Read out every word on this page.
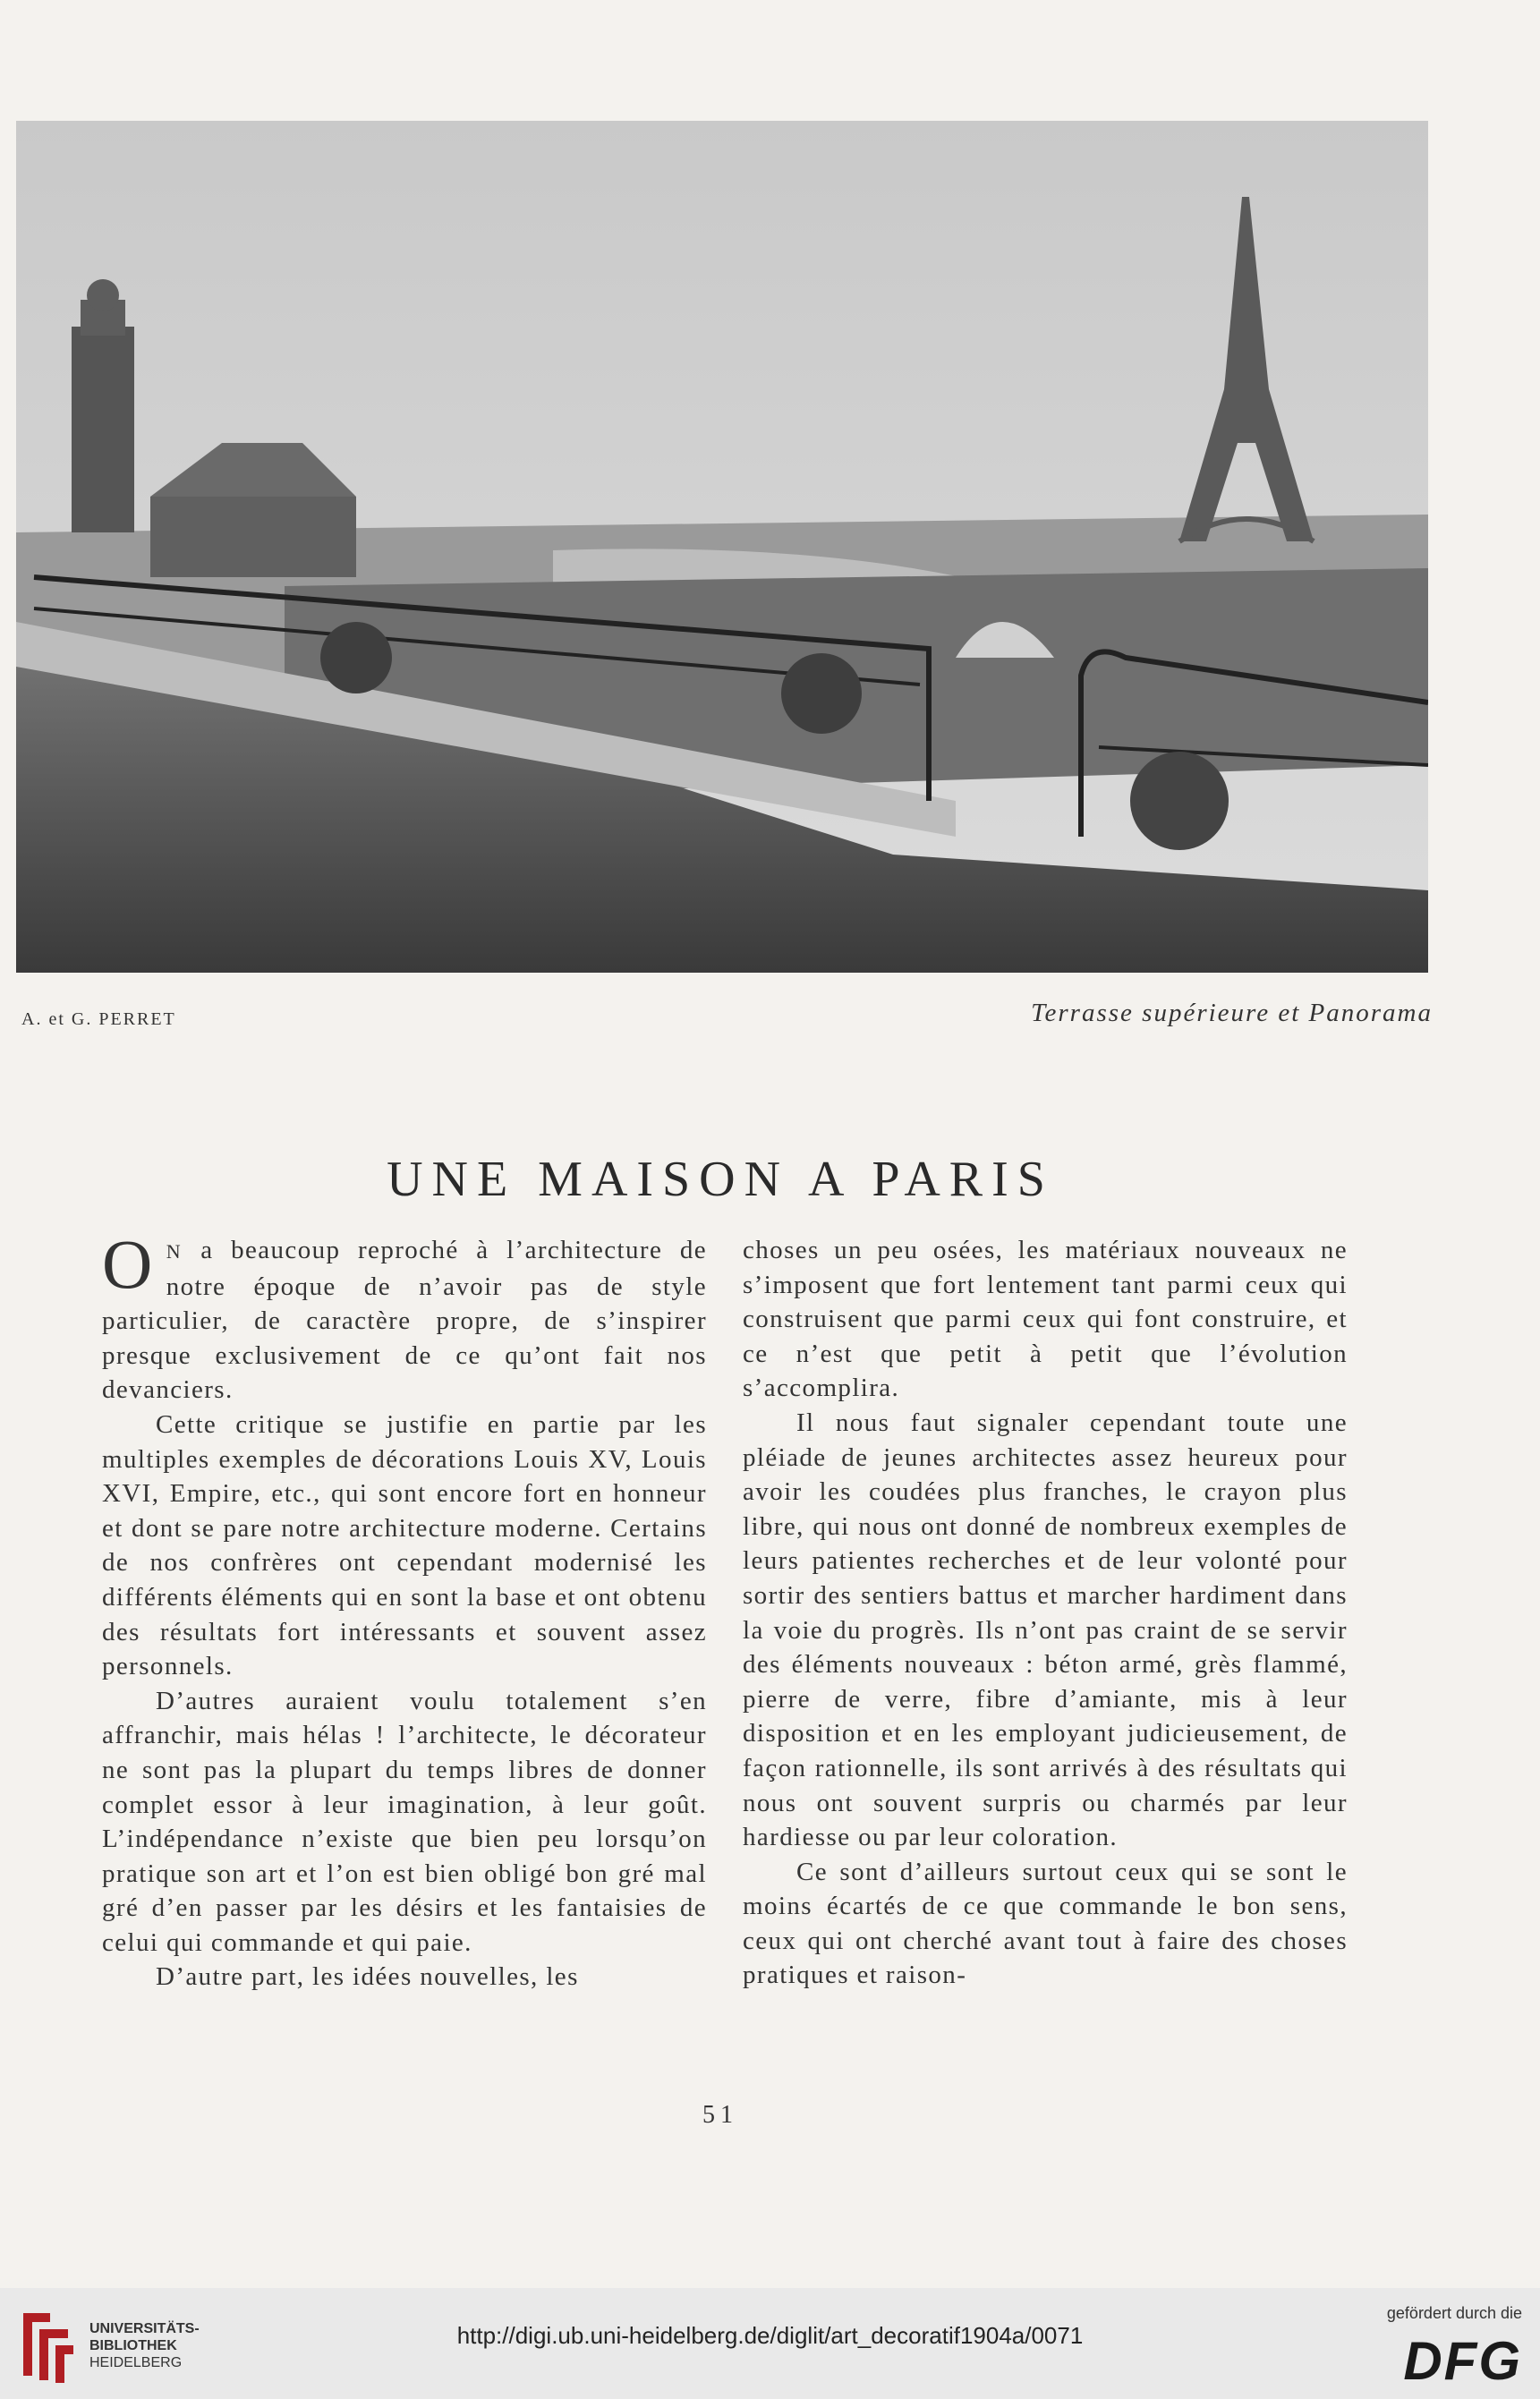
A. et G. PERRET	Terrasse supérieure et Panorama
UNE MAISON A PARIS

O N a beaucoup reproché à l’architecture de notre époque de n’avoir pas de style particulier, de caractère propre, de s’inspirer presque exclusivement de ce qu’ont fait nos devanciers.

Cette critique se justifie en partie par les multiples exemples de décorations Louis XV, Louis XVI, Empire, etc., qui sont encore fort en honneur et dont se pare notre architecture moderne. Certains de nos confrères ont cependant modernisé les différents éléments qui en sont la base et ont obtenu des résultats fort intéressants et souvent assez personnels.

D’autres auraient voulu totalement s’en affranchir, mais hélas ! l’architecte, le décorateur ne sont pas la plupart du temps libres de donner complet essor à leur imagination, à leur goût. L’indépendance n’existe que bien peu lorsqu’on pratique son art et l’on est bien obligé bon gré mal gré d’en passer par les désirs et les fantaisies de celui qui commande et qui paie.

D’autre part, les idées nouvelles, les

choses un peu osées, les matériaux nouveaux ne s’imposent que fort lentement tant parmi ceux qui construisent que parmi ceux qui font construire, et ce n’est que petit à petit que l’évolution s’accomplira.

Il nous faut signaler cependant toute une pléiade de jeunes architectes assez heureux pour avoir les coudées plus franches, le crayon plus libre, qui nous ont donné de nombreux exemples de leurs patientes recherches et de leur volonté pour sortir des sentiers battus et marcher hardiment dans la voie du progrès. Ils n’ont pas craint de se servir des éléments nouveaux : béton armé, grès flammé, pierre de verre, fibre d’amiante, mis à leur disposition et en les employant judicieusement, de façon rationnelle, ils sont arrivés à des résultats qui nous ont souvent surpris ou charmés par leur hardiesse ou par leur coloration.

Ce sont d’ailleurs surtout ceux qui se sont le moins écartés de ce que commande le bon sens, ceux qui ont cherché avant tout à faire des choses pratiques et raison-

51
UNIVERSITÄTS-
BIBLIOTHEK
HEIDELBERG
http://digi.ub.uni-heidelberg.de/diglit/art_decoratif1904a/0071
gefördert durch die
DFG
